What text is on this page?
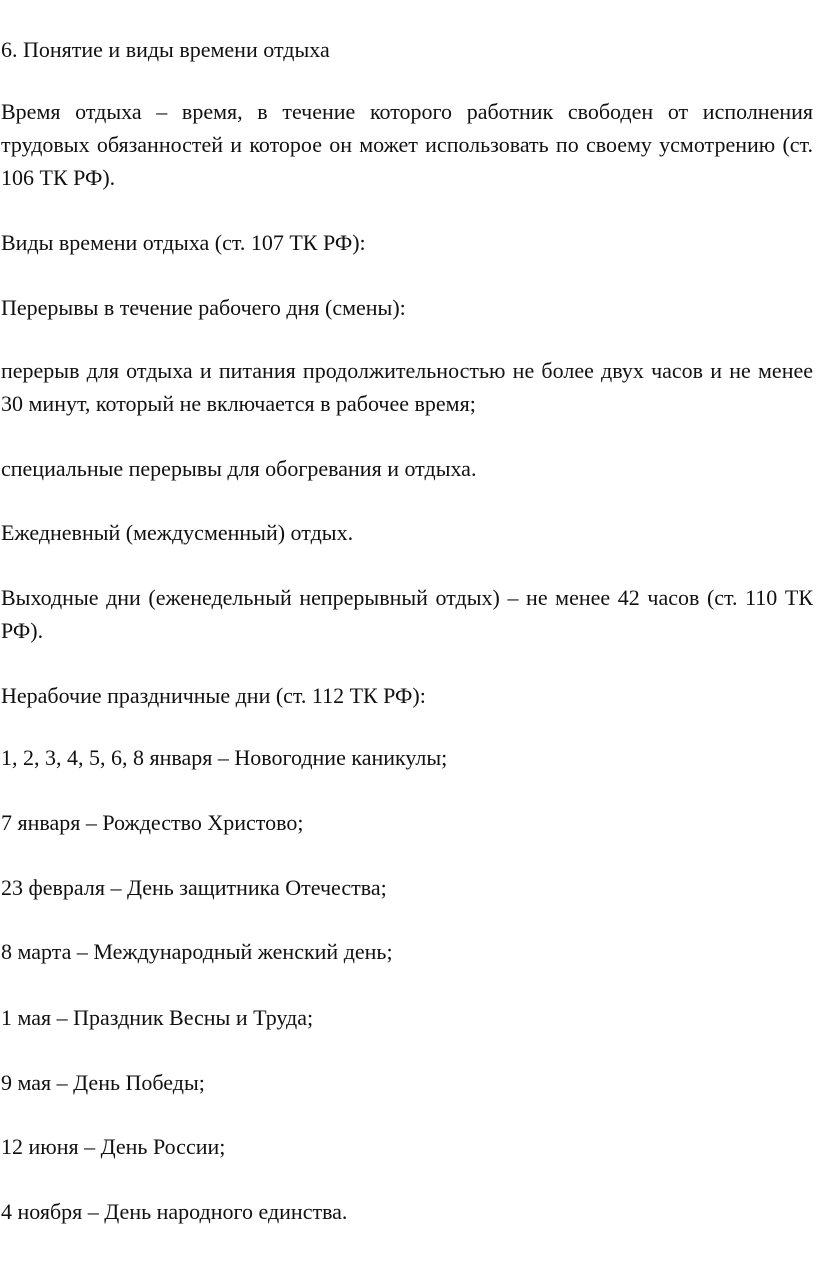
6. Понятие и виды времени отдыха

Время отдыха – время, в течение которого работник свободен от исполнения трудовых обязанностей и которое он может использовать по своему усмотрению (ст. 106 ТК РФ).

Виды времени отдыха (ст. 107 ТК РФ):

Перерывы в течение рабочего дня (смены):

перерыв для отдыха и питания продолжительностью не более двух часов и не менее 30 минут, который не включается в рабочее время;

специальные перерывы для обогревания и отдыха.

Ежедневный (междусменный) отдых.

Выходные дни (еженедельный непрерывный отдых) – не менее 42 часов (ст. 110 ТК РФ).

Нерабочие праздничные дни (ст. 112 ТК РФ):

1, 2, 3, 4, 5, 6, 8 января – Новогодние каникулы;

7 января – Рождество Христово;

23 февраля – День защитника Отечества;

8 марта – Международный женский день;

1 мая – Праздник Весны и Труда;

9 мая – День Победы;

12 июня – День России;

4 ноября – День народного единства.
